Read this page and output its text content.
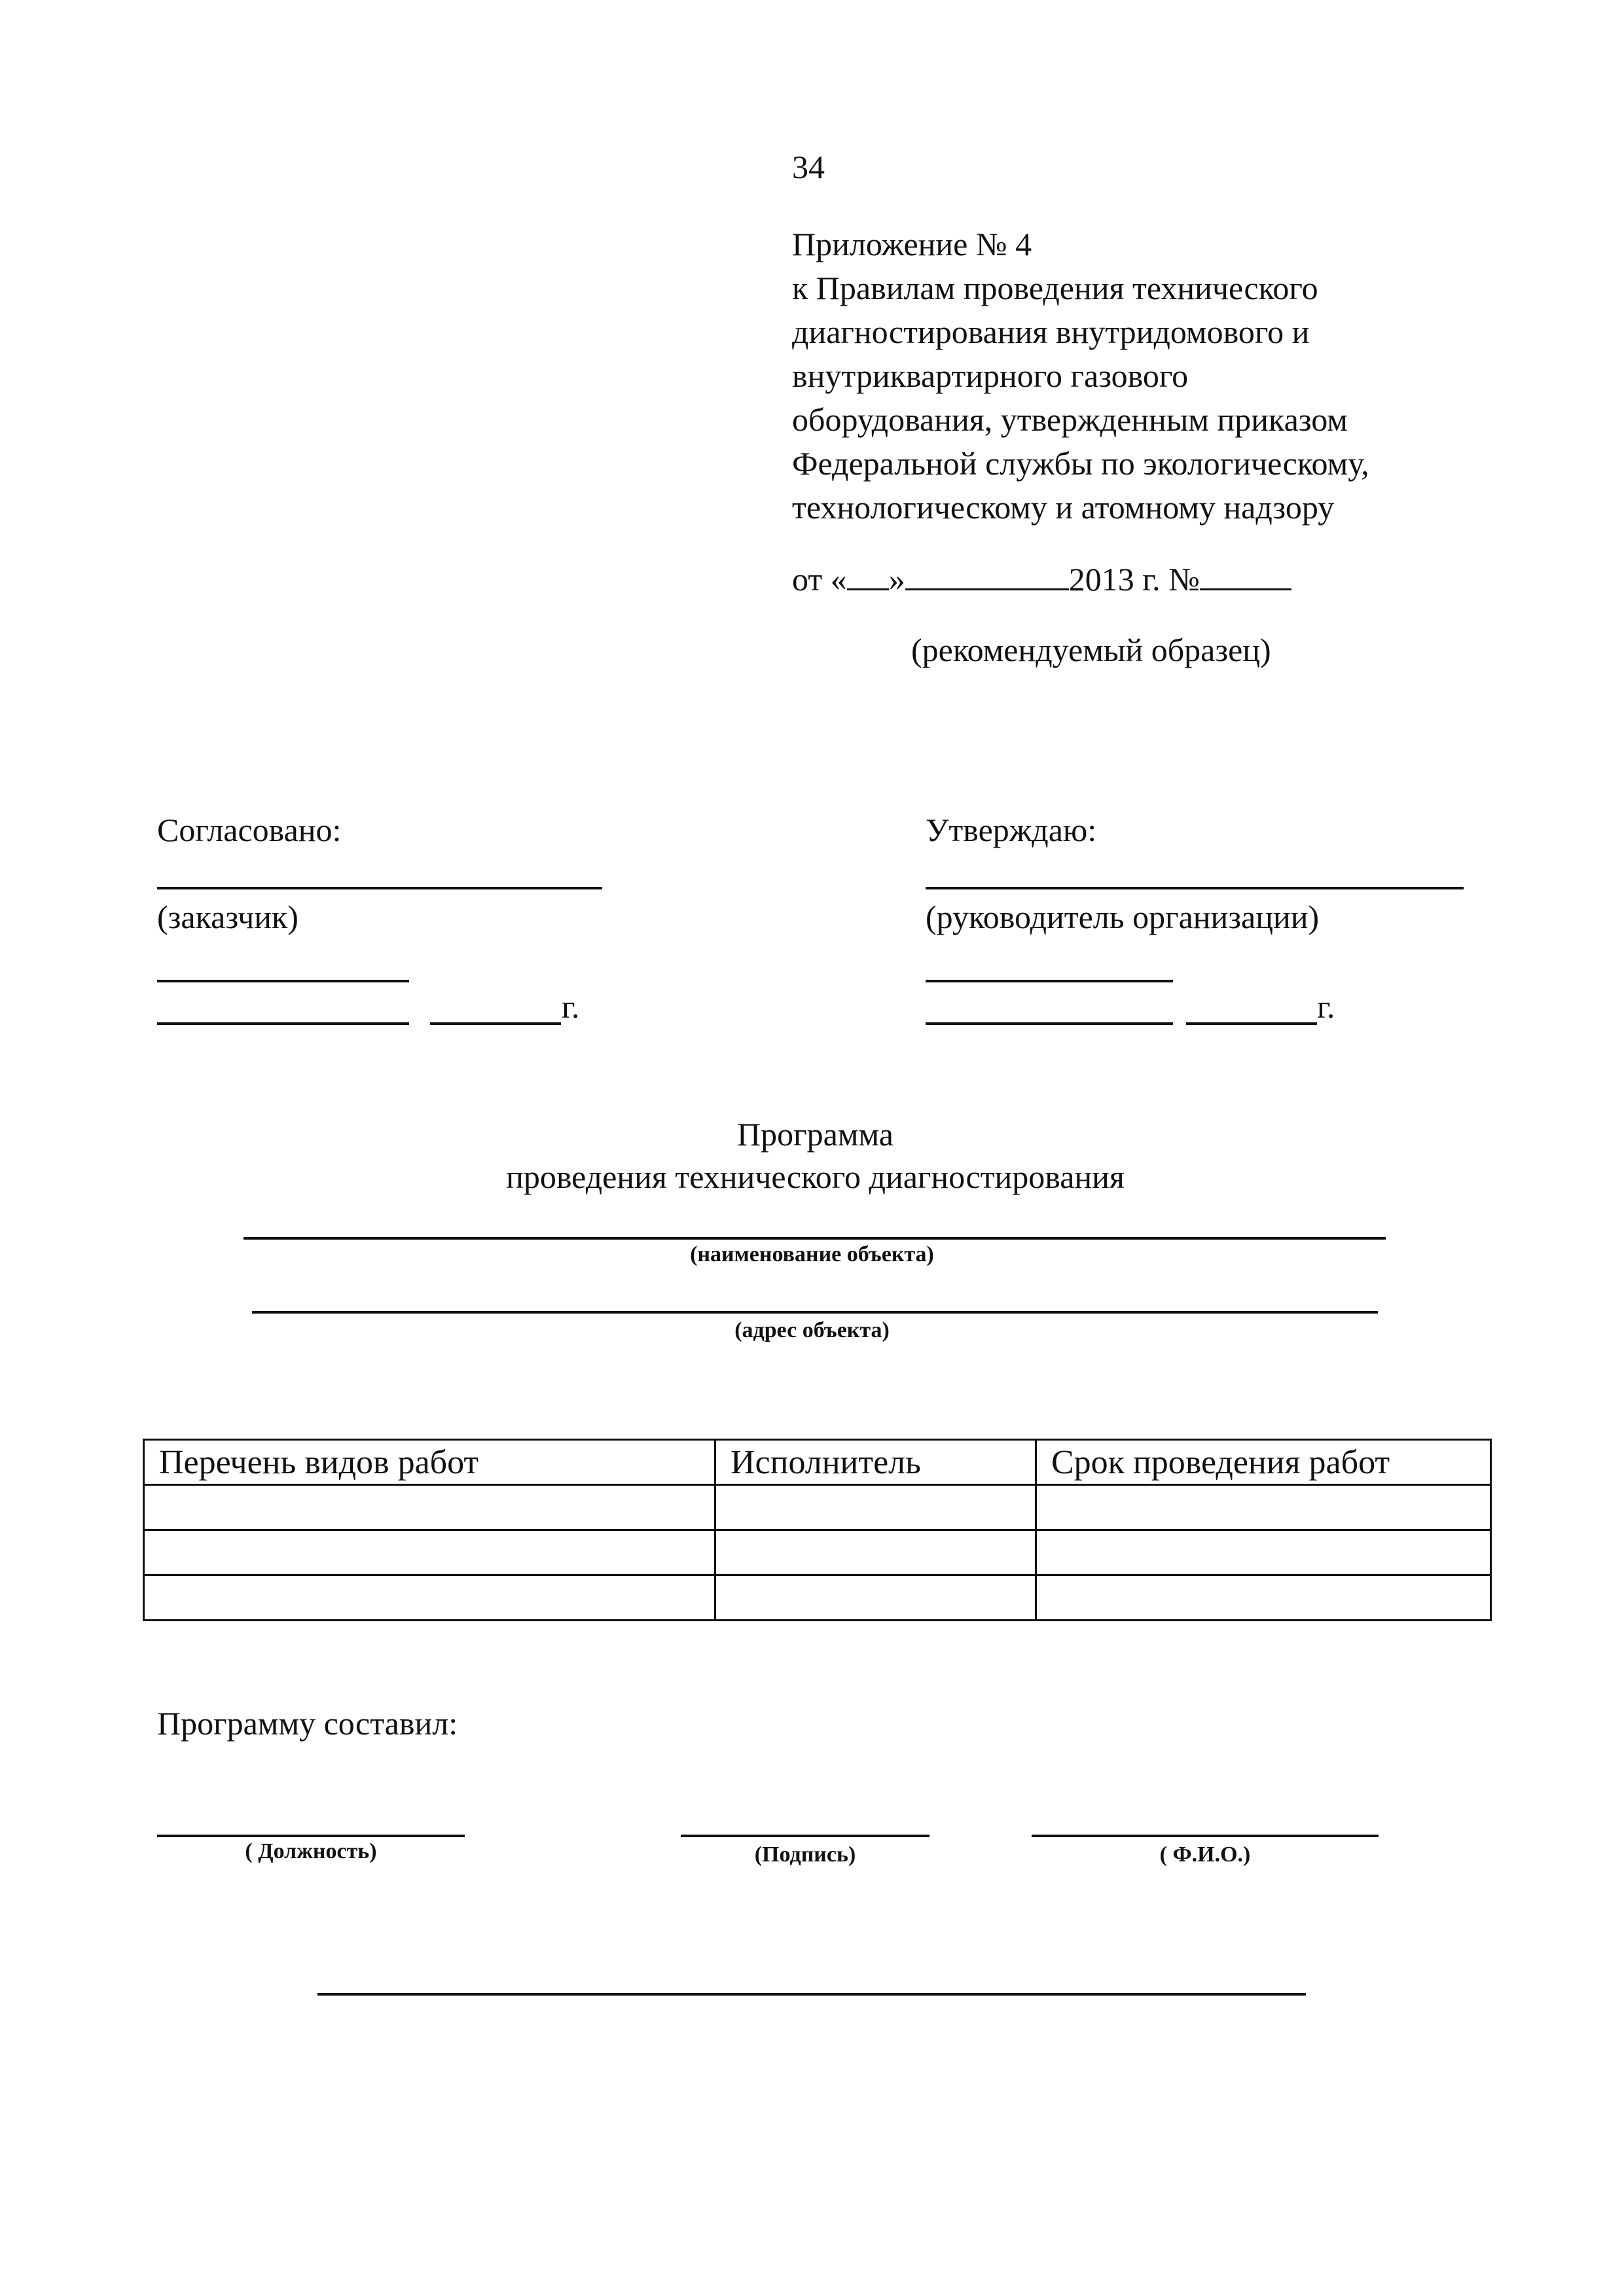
34
Приложение № 4
к Правилам проведения технического
диагностирования внутридомового и
внутриквартирного газового
оборудования, утвержденным приказом
Федеральной службы по экологическому,
технологическому и атомному надзору
от « »	2013 г. №
(рекомендуемый образец)
Согласовано:
(заказчик)
г.
Утверждаю:
(руководитель организации)
г.
Программа
проведения технического диагностирования
(наименование объекта)
(адрес объекта)
Перечень видов работ	Исполнитель	Срок проведения работ

Программу составил:
( Должность)	(Подпись)	( Ф.И.О.)
